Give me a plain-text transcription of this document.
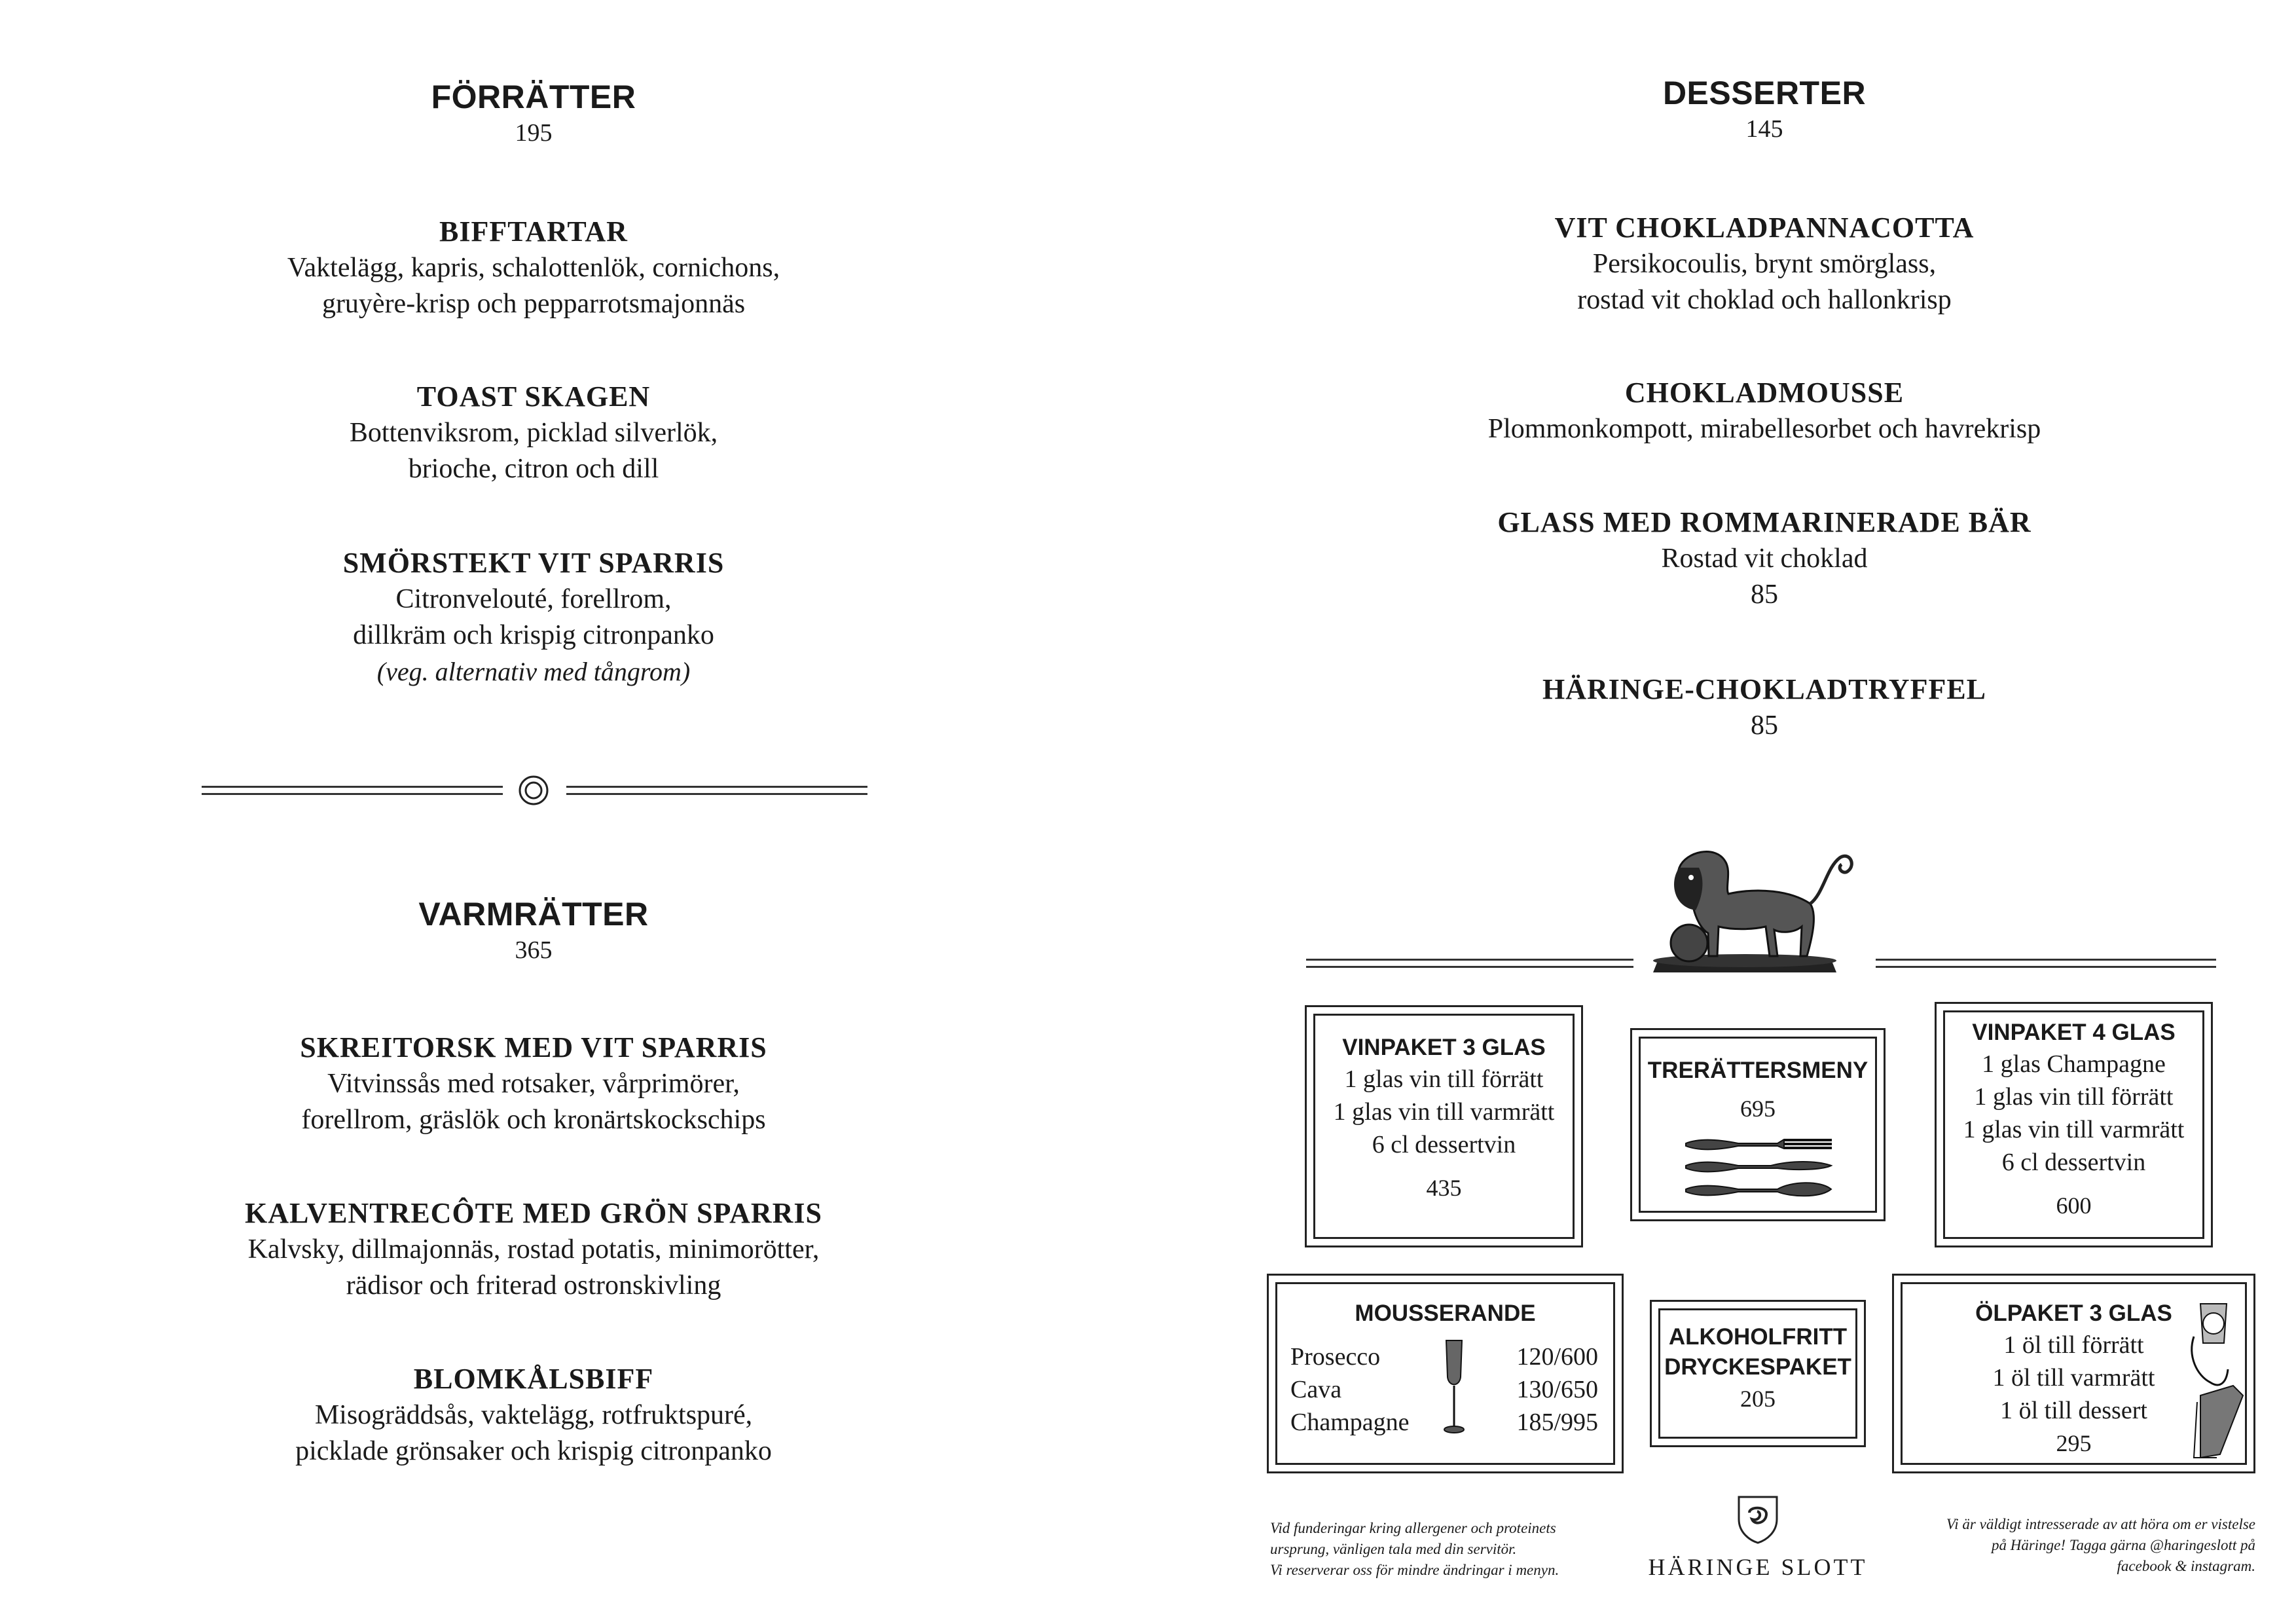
FÖRRÄTTER
195
BIFFTARTAR
Vaktelägg, kapris, schalottenlök, cornichons,
gruyère-krisp och pepparrotsmajonnäs
TOAST SKAGEN
Bottenviksrom, picklad silverlök,
brioche, citron och dill
SMÖRSTEKT VIT SPARRIS
Citronvelouté, forellrom,
dillkräm och krispig citronpanko
(veg. alternativ med tångrom)
VARMRÄTTER
365
SKREITORSK MED VIT SPARRIS
Vitvinssås med rotsaker, vårprimörer,
forellrom, gräslök och kronärtskockschips
KALVENTRECÔTE MED GRÖN SPARRIS
Kalvsky, dillmajonnäs, rostad potatis, minimorötter,
rädisor och friterad ostronskivling
BLOMKÅLSBIFF
Misogräddsås, vaktelägg, rotfruktspuré,
picklade grönsaker och krispig citronpanko
DESSERTER
145
VIT CHOKLADPANNACOTTA
Persikocoulis, brynt smörglass,
rostad vit choklad och hallonkrisp
CHOKLADMOUSSE
Plommonkompott, mirabellesorbet och havrekrisp
GLASS MED ROMMARINERADE BÄR
Rostad vit choklad
85
HÄRINGE-CHOKLADTRYFFEL
85
VINPAKET 3 GLAS
1 glas vin till förrätt
1 glas vin till varmrätt
6 cl dessertvin
435
TRERÄTTERSMENY
695
VINPAKET 4 GLAS
1 glas Champagne
1 glas vin till förrätt
1 glas vin till varmrätt
6 cl dessertvin
600
MOUSSERANDE
Prosecco	120/600
Cava	130/650
Champagne	185/995
ALKOHOLFRITT
DRYCKESPAKET
205
ÖLPAKET 3 GLAS
1 öl till förrätt
1 öl till varmrätt
1 öl till dessert
295
Vid funderingar kring allergener och proteinets
ursprung, vänligen tala med din servitör.
Vi reserverar oss för mindre ändringar i menyn.	HÄRINGE SLOTT
Vi är väldigt intresserade av att höra om er vistelse
på Häringe! Tagga gärna @haringeslott på
facebook & instagram.
